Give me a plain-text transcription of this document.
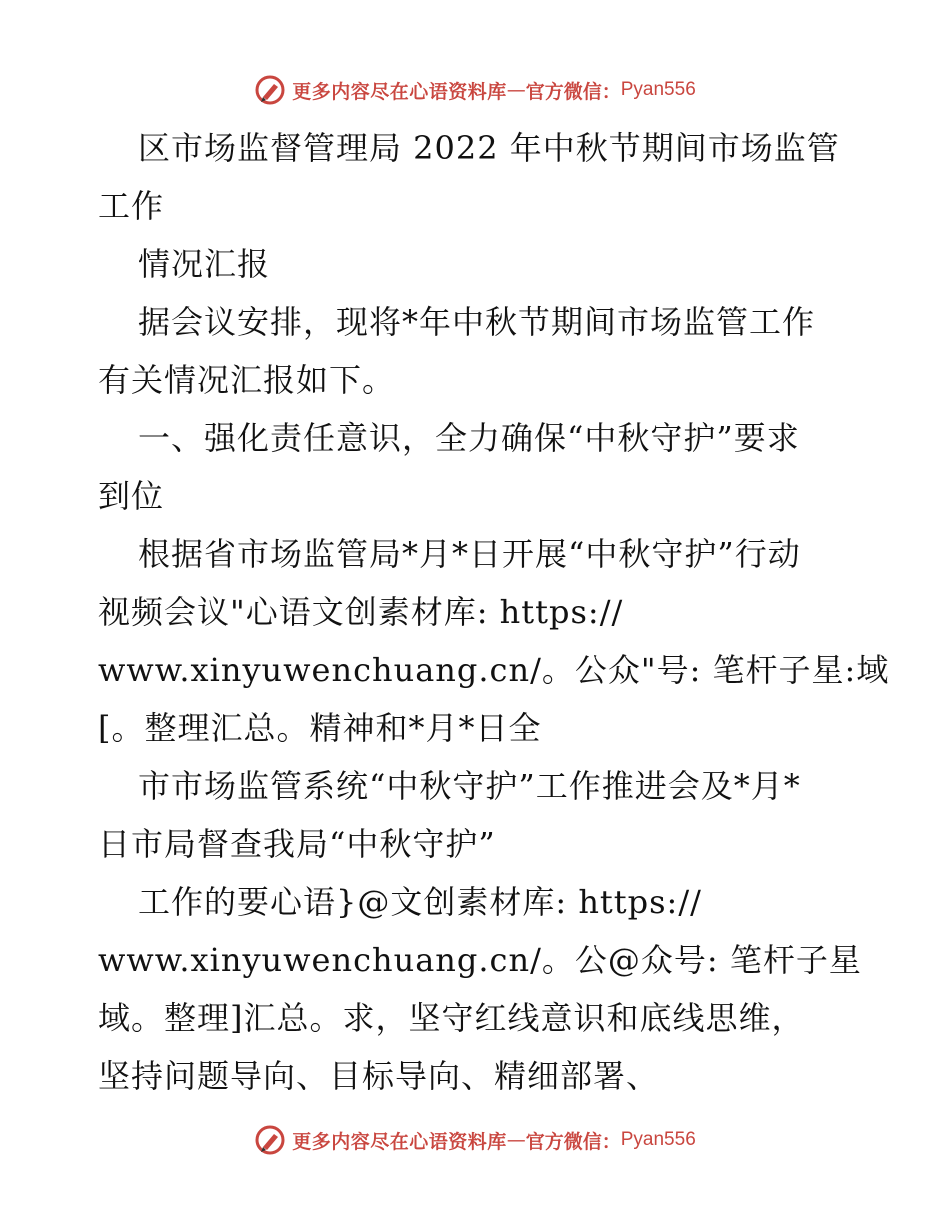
更多内容尽在心语资料库 — 官方微信： Pyan556
区市场监督管理局 2022 年中秋节期间市场监管
工作
情况汇报
据会议安排，现将*年中秋节期间市场监管工作
有关情况汇报如下。
一、强化责任意识，全力确保“中秋守护”要求
到位
根据省市场监管局*月*日开展“中秋守护”行动
视频会议"心语文创素材库: https://
www.xinyuwenchuang.cn/。公众"号: 笔杆子星:域
[。整理汇总。精神和*月*日全
市市场监管系统“中秋守护”工作推进会及*月*
日市局督查我局“中秋守护”
工作的要心语}@文创素材库: https://
www.xinyuwenchuang.cn/。公@众号: 笔杆子星
域。整理]汇总。求，坚守红线意识和底线思维，
坚持问题导向、目标导向、精细部署、
更多内容尽在心语资料库 — 官方微信： Pyan556
